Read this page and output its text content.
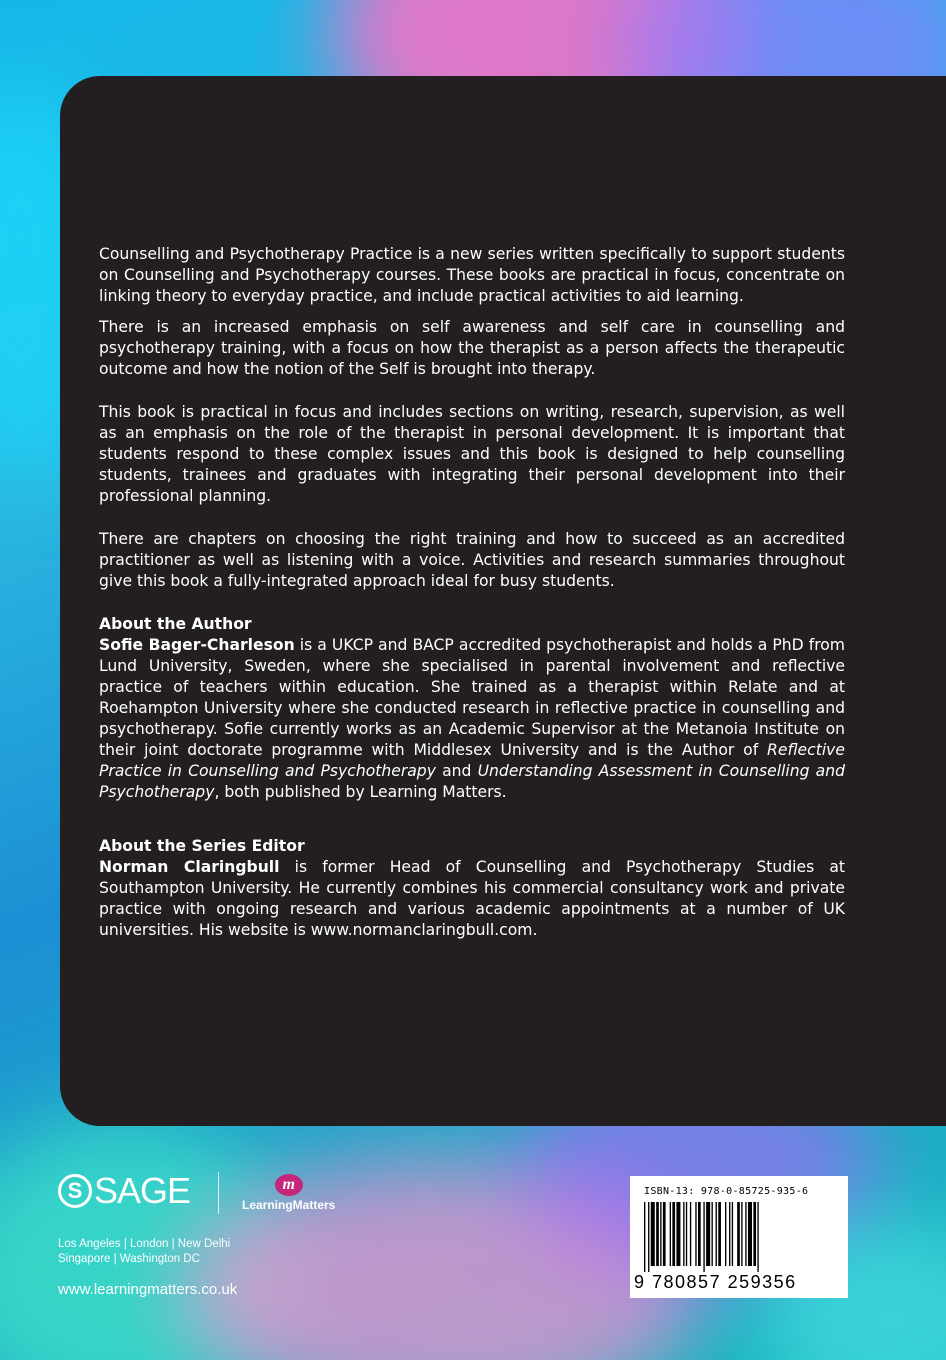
Counselling and Psychotherapy Practice is a new series written specifically to support students on Counselling and Psychotherapy courses. These books are practical in focus, concentrate on linking theory to everyday practice, and include practical activities to aid learning.

There is an increased emphasis on self awareness and self care in counselling and psychotherapy training, with a focus on how the therapist as a person affects the therapeutic outcome and how the notion of the Self is brought into therapy.

This book is practical in focus and includes sections on writing, research, supervision, as well as an emphasis on the role of the therapist in personal development. It is important that students respond to these complex issues and this book is designed to help counselling students, trainees and graduates with integrating their personal development into their professional planning.

There are chapters on choosing the right training and how to succeed as an accredited practitioner as well as listening with a voice. Activities and research summaries throughout give this book a fully-integrated approach ideal for busy students.

About the Author

Sofie Bager-Charleson is a UKCP and BACP accredited psychotherapist and holds a PhD from Lund University, Sweden, where she specialised in parental involvement and reflective practice of teachers within education. She trained as a therapist within Relate and at Roehampton University where she conducted research in reflective practice in counselling and psychotherapy. Sofie currently works as an Academic Supervisor at the Metanoia Institute on their joint doctorate programme with Middlesex University and is the Author of Reflective Practice in Counselling and Psychotherapy and Understanding Assessment in Counselling and Psychotherapy, both published by Learning Matters.

About the Series Editor

Norman Claringbull is former Head of Counselling and Psychotherapy Studies at Southampton University. He currently combines his commercial consultancy work and private practice with ongoing research and various academic appointments at a number of UK universities. His website is www.normanclaringbull.com.

S SAGE	m
LearningMatters
Los Angeles | London | New Delhi
Singapore | Washington DC
www.learningmatters.co.uk
ISBN-13: 978-0-85725-935-6
9 780857 259356
